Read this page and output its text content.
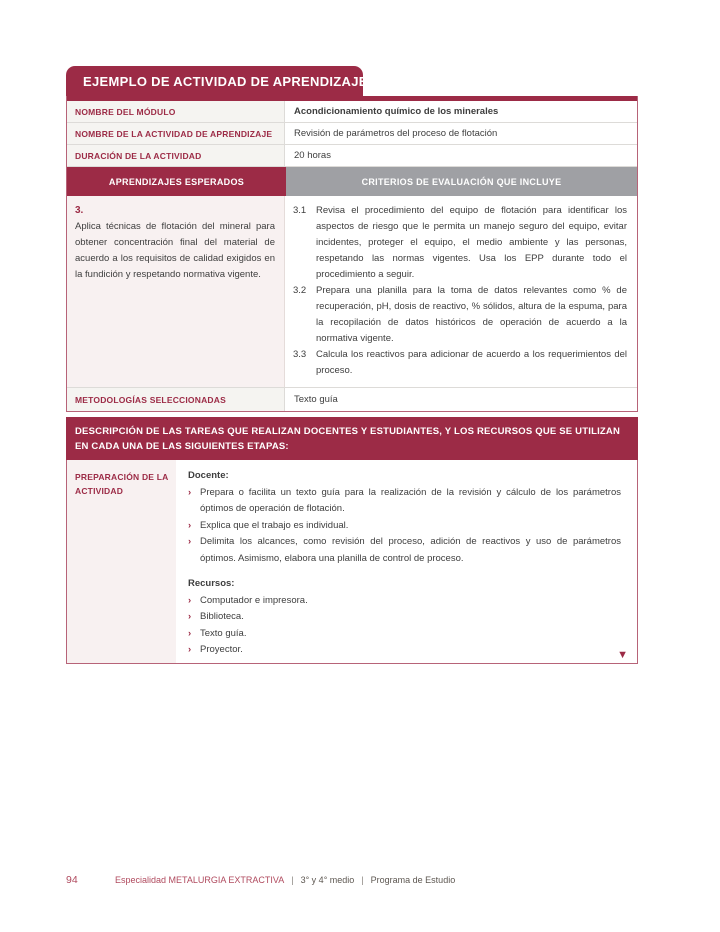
EJEMPLO DE ACTIVIDAD DE APRENDIZAJE
NOMBRE DEL MÓDULO	Acondicionamiento químico de los minerales
NOMBRE DE LA ACTIVIDAD DE APRENDIZAJE	Revisión de parámetros del proceso de flotación
DURACIÓN DE LA ACTIVIDAD	20 horas
APRENDIZAJES ESPERADOS	CRITERIOS DE EVALUACIÓN QUE INCLUYE
3.
Aplica técnicas de flotación del mineral para obtener concentración final del material de acuerdo a los requisitos de calidad exigidos en la fundición y respetando normativa vigente.
3.1	Revisa el procedimiento del equipo de flotación para identificar los aspectos de riesgo que le permita un manejo seguro del equipo, evitar incidentes, proteger el equipo, el medio ambiente y las personas, respetando las normas vigentes. Usa los EPP durante todo el procedimiento a seguir.
3.2	Prepara una planilla para la toma de datos relevantes como % de recuperación, pH, dosis de reactivo, % sólidos, altura de la espuma, para la recopilación de datos históricos de operación de acuerdo a la normativa vigente.
3.3	Calcula los reactivos para adicionar de acuerdo a los requerimientos del proceso.
METODOLOGÍAS SELECCIONADAS	Texto guía
DESCRIPCIÓN DE LAS TAREAS QUE REALIZAN DOCENTES Y ESTUDIANTES, Y LOS RECURSOS QUE SE UTILIZAN EN CADA UNA DE LAS SIGUIENTES ETAPAS:
PREPARACIÓN DE LA ACTIVIDAD
Docente:
› Prepara o facilita un texto guía para la realización de la revisión y cálculo de los parámetros óptimos de operación de flotación.
› Explica que el trabajo es individual.
› Delimita los alcances, como revisión del proceso, adición de reactivos y uso de parámetros óptimos. Asimismo, elabora una planilla de control de proceso.
Recursos:
› Computador e impresora.
› Biblioteca.
› Texto guía.
› Proyector.	▼
94	Especialidad METALURGIA EXTRACTIVA | 3° y 4° medio | Programa de Estudio
